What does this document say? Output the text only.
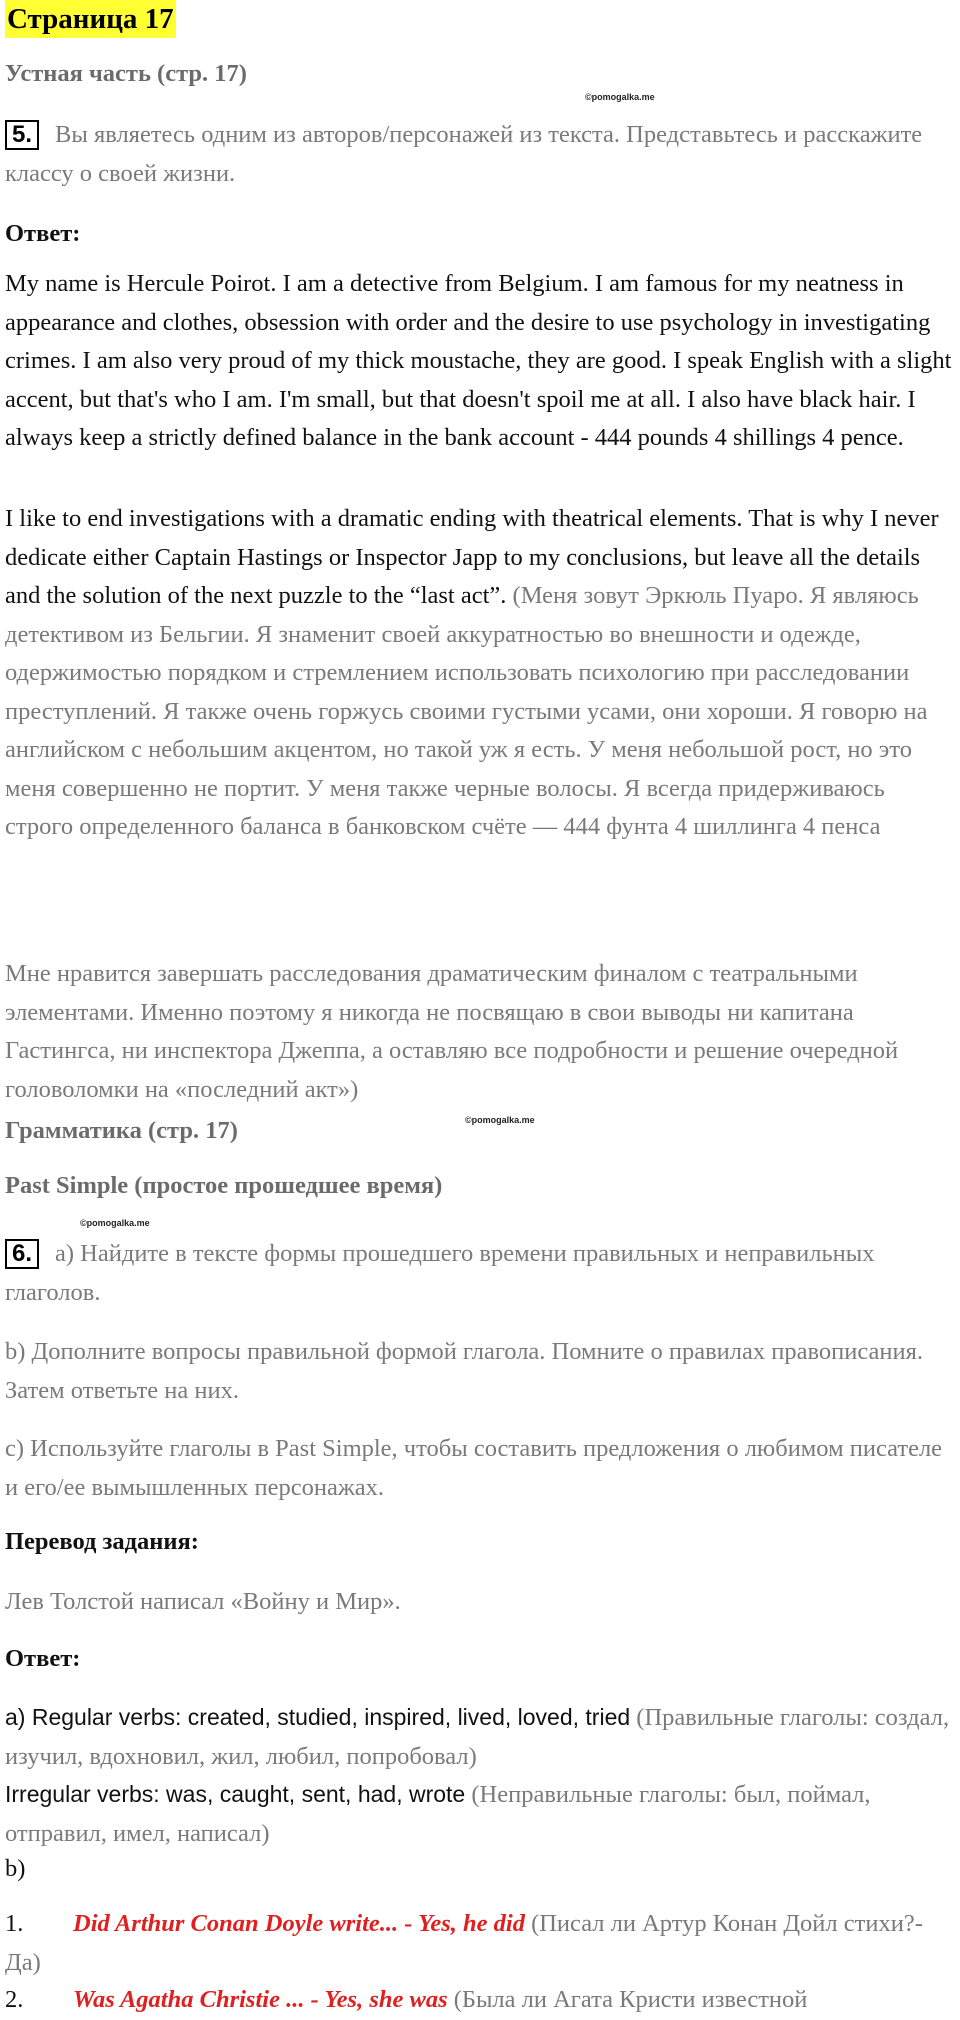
Страница 17
Устная часть (стр. 17)
©pomogalka.me
5. Вы являетесь одним из авторов/персонажей из текста. Представьтесь и расскажите классу о своей жизни.
Ответ:
My name is Hercule Poirot. I am a detective from Belgium. I am famous for my neatness in appearance and clothes, obsession with order and the desire to use psychology in investigating crimes. I am also very proud of my thick moustache, they are good. I speak English with a slight accent, but that's who I am. I'm small, but that doesn't spoil me at all. I also have black hair. I always keep a strictly defined balance in the bank account - 444 pounds 4 shillings 4 pence.
I like to end investigations with a dramatic ending with theatrical elements. That is why I never dedicate either Captain Hastings or Inspector Japp to my conclusions, but leave all the details and the solution of the next puzzle to the “last act”. (Меня зовут Эркюль Пуаро. Я являюсь детективом из Бельгии. Я знаменит своей аккуратностью во внешности и одежде, одержимостью порядком и стремлением использовать психологию при расследовании преступлений. Я также очень горжусь своими густыми усами, они хороши. Я говорю на английском с небольшим акцентом, но такой уж я есть. У меня небольшой рост, но это меня совершенно не портит. У меня также черные волосы. Я всегда придерживаюсь строго определенного баланса в банковском счёте — 444 фунта 4 шиллинга 4 пенса
Мне нравится завершать расследования драматическим финалом с театральными элементами. Именно поэтому я никогда не посвящаю в свои выводы ни капитана Гастингса, ни инспектора Джеппа, а оставляю все подробности и решение очередной головоломки на «последний акт»)
Грамматика (стр. 17)	©pomogalka.me
Past Simple (простое прошедшее время)
©pomogalka.me
6. a) Найдите в тексте формы прошедшего времени правильных и неправильных глаголов.
b) Дополните вопросы правильной формой глагола. Помните о правилах правописания. Затем ответьте на них.
c) Используйте глаголы в Past Simple, чтобы составить предложения о любимом писателе и его/ее вымышленных персонажах.
Перевод задания:
Лев Толстой написал «Войну и Мир».
Ответ:
a) Regular verbs: created, studied, inspired, lived, loved, tried (Правильные глаголы: создал, изучил, вдохновил, жил, любил, попробовал)
Irregular verbs: was, caught, sent, had, wrote (Неправильные глаголы: был, поймал, отправил, имел, написал)
b)
1. Did Arthur Conan Doyle write... - Yes, he did (Писал ли Артур Конан Дойл стихи?-Да)
2. Was Agatha Christie ... - Yes, she was (Была ли Агата Кристи известной
